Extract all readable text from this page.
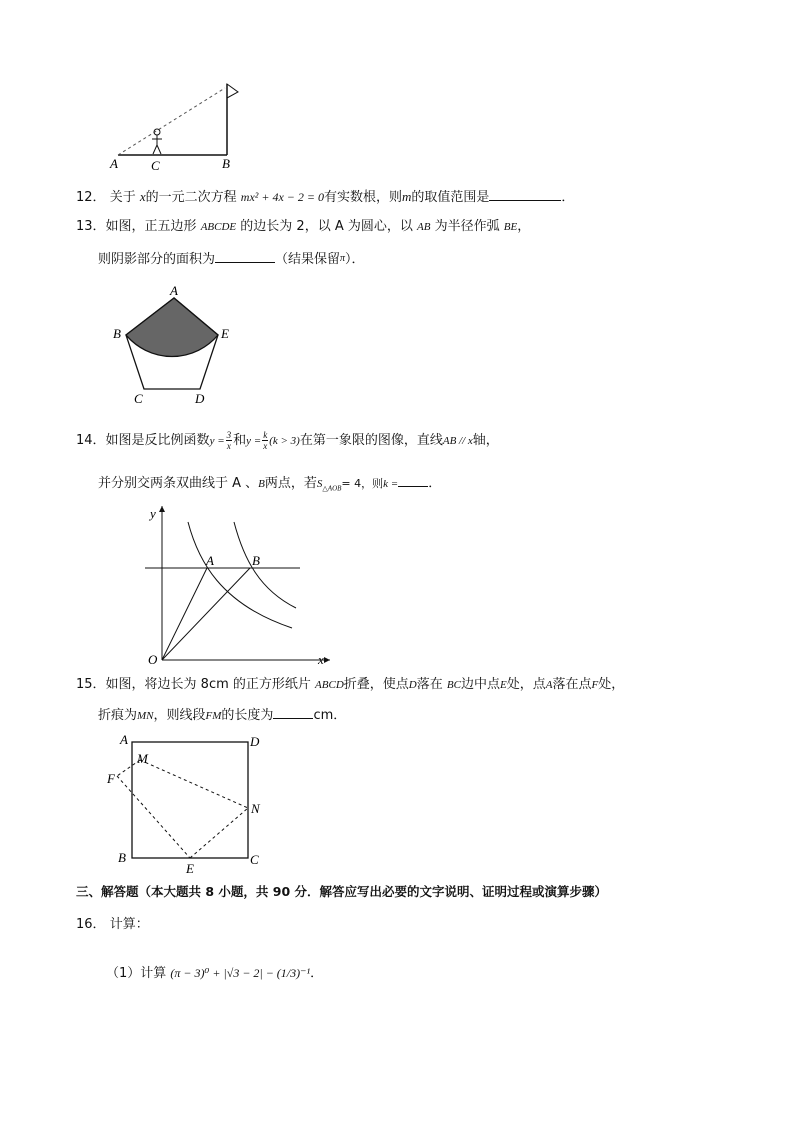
A	C	B
12． 关于 x的一元二次方程 mx² + 4x − 2 = 0有实数根，则m的取值范围是	．
13．如图，正五边形 ABCDE 的边长为 2，以 A 为圆心，以 AB 为半径作弧 BE，
则阴影部分的面积为	（结果保留$^\pi$）．
A
B	E
C	D
14．如图是反比例函数$y = \frac{3}{x}$ 和$y = \frac{k}{x} (k > 3)$在第一象限的图像，直线AB // x轴，
并分别交两条双曲线于 A 、B两点，若$S_{\triangle AOB}= 4$，则k = ．
y
x
O
A	B
15．如图，将边长为 8cm 的正方形纸片 ABCD折叠，使点D落在 BC边中点E处，点A落在点F处，
折痕为MN，则线段FM的长度为	cm．
A	D
M
F
N
B
E
C
三、解答题（本大题共 8 小题，共 90 分．解答应写出必要的文字说明、证明过程或演算步骤）
16． 计算：
（1）计算 (π − 3)⁰ + |√3 − 2| − (1/3)⁻¹．
